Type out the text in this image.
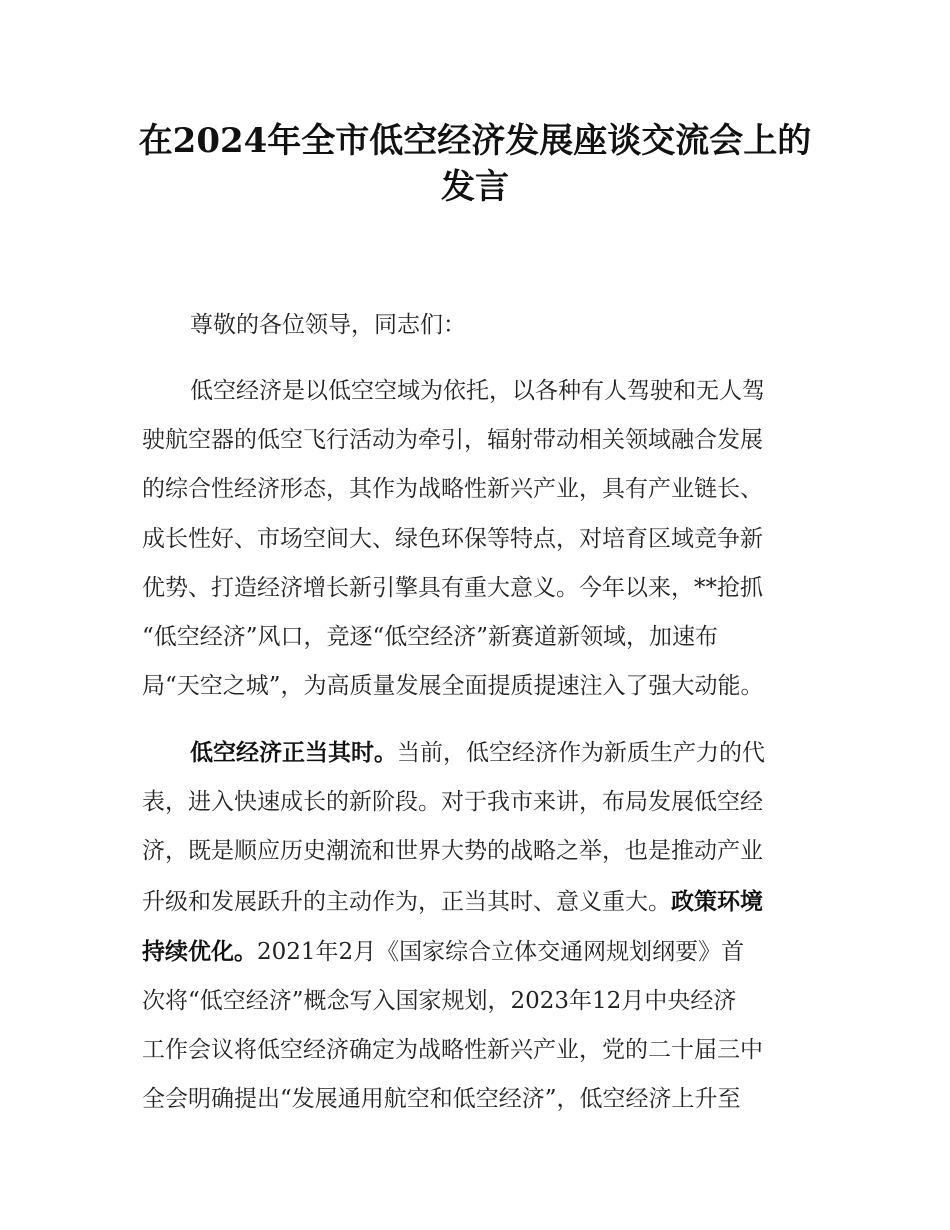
在2024年全市低空经济发展座谈交流会上的
发言

尊敬的各位领导，同志们：

低空经济是以低空空域为依托，以各种有人驾驶和无人驾
驶航空器的低空飞行活动为牵引，辐射带动相关领域融合发展
的综合性经济形态，其作为战略性新兴产业，具有产业链长、
成长性好、市场空间大、绿色环保等特点，对培育区域竞争新
优势、打造经济增长新引擎具有重大意义。今年以来，**抢抓
“低空经济”风口，竞逐“低空经济”新赛道新领域，加速布
局“天空之城”，为高质量发展全面提质提速注入了强大动能。
低空经济正当其时。当前，低空经济作为新质生产力的代
表，进入快速成长的新阶段。对于我市来讲，布局发展低空经
济，既是顺应历史潮流和世界大势的战略之举，也是推动产业
升级和发展跃升的主动作为，正当其时、意义重大。政策环境
持续优化。2021年2月《国家综合立体交通网规划纲要》首
次将“低空经济”概念写入国家规划，2023年12月中央经济
工作会议将低空经济确定为战略性新兴产业，党的二十届三中
全会明确提出“发展通用航空和低空经济”，低空经济上升至
